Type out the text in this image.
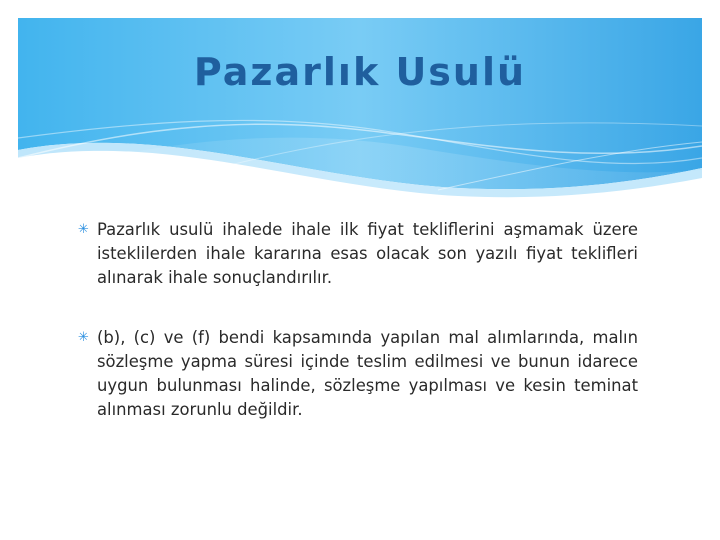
Pazarlık Usulü
✳ Pazarlık usulü ihalede ihale ilk fiyat tekliflerini aşmamak üzere isteklilerden ihale kararına esas olacak son yazılı fiyat teklifleri alınarak ihale sonuçlandırılır.
✳ (b), (c) ve (f) bendi kapsamında yapılan mal alımlarında, malın sözleşme yapma süresi içinde teslim edilmesi ve bunun idarece uygun bulunması halinde, sözleşme yapılması ve kesin teminat alınması zorunlu değildir.
